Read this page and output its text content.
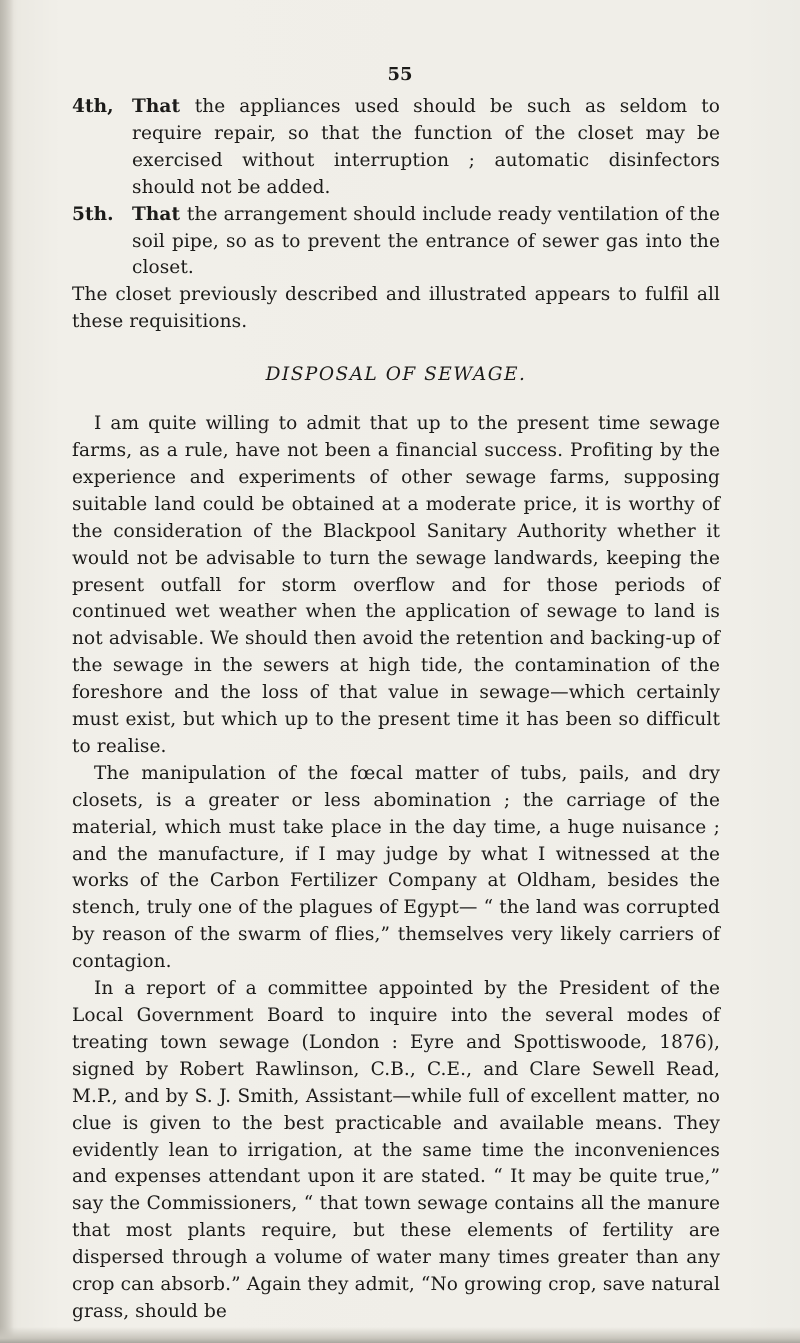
55
4th, That the appliances used should be such as seldom to require repair, so that the function of the closet may be exercised without interruption ; automatic disinfectors should not be added.
5th. That the arrangement should include ready ventilation of the soil pipe, so as to prevent the entrance of sewer gas into the closet.

The closet previously described and illustrated appears to fulfil all these requisitions.

DISPOSAL OF SEWAGE.

I am quite willing to admit that up to the present time sewage farms, as a rule, have not been a financial success. Profiting by the experience and experiments of other sewage farms, supposing suitable land could be obtained at a moderate price, it is worthy of the consideration of the Blackpool Sanitary Authority whether it would not be advisable to turn the sewage landwards, keeping the present outfall for storm overflow and for those periods of continued wet weather when the application of sewage to land is not advisable. We should then avoid the retention and backing-up of the sewage in the sewers at high tide, the contamination of the foreshore and the loss of that value in sewage—which certainly must exist, but which up to the present time it has been so difficult to realise.

The manipulation of the fœcal matter of tubs, pails, and dry closets, is a greater or less abomination ; the carriage of the material, which must take place in the day time, a huge nuisance ; and the manufacture, if I may judge by what I witnessed at the works of the Carbon Fertilizer Company at Oldham, besides the stench, truly one of the plagues of Egypt— “ the land was corrupted by reason of the swarm of flies,” themselves very likely carriers of contagion.

In a report of a committee appointed by the President of the Local Government Board to inquire into the several modes of treating town sewage (London : Eyre and Spottiswoode, 1876), signed by Robert Rawlinson, C.B., C.E., and Clare Sewell Read, M.P., and by S. J. Smith, Assistant—while full of excellent matter, no clue is given to the best practicable and available means. They evidently lean to irrigation, at the same time the inconveniences and expenses attendant upon it are stated. “ It may be quite true,” say the Commissioners, “ that town sewage contains all the manure that most plants require, but these elements of fertility are dispersed through a volume of water many times greater than any crop can absorb.” Again they admit, “No growing crop, save natural grass, should be
